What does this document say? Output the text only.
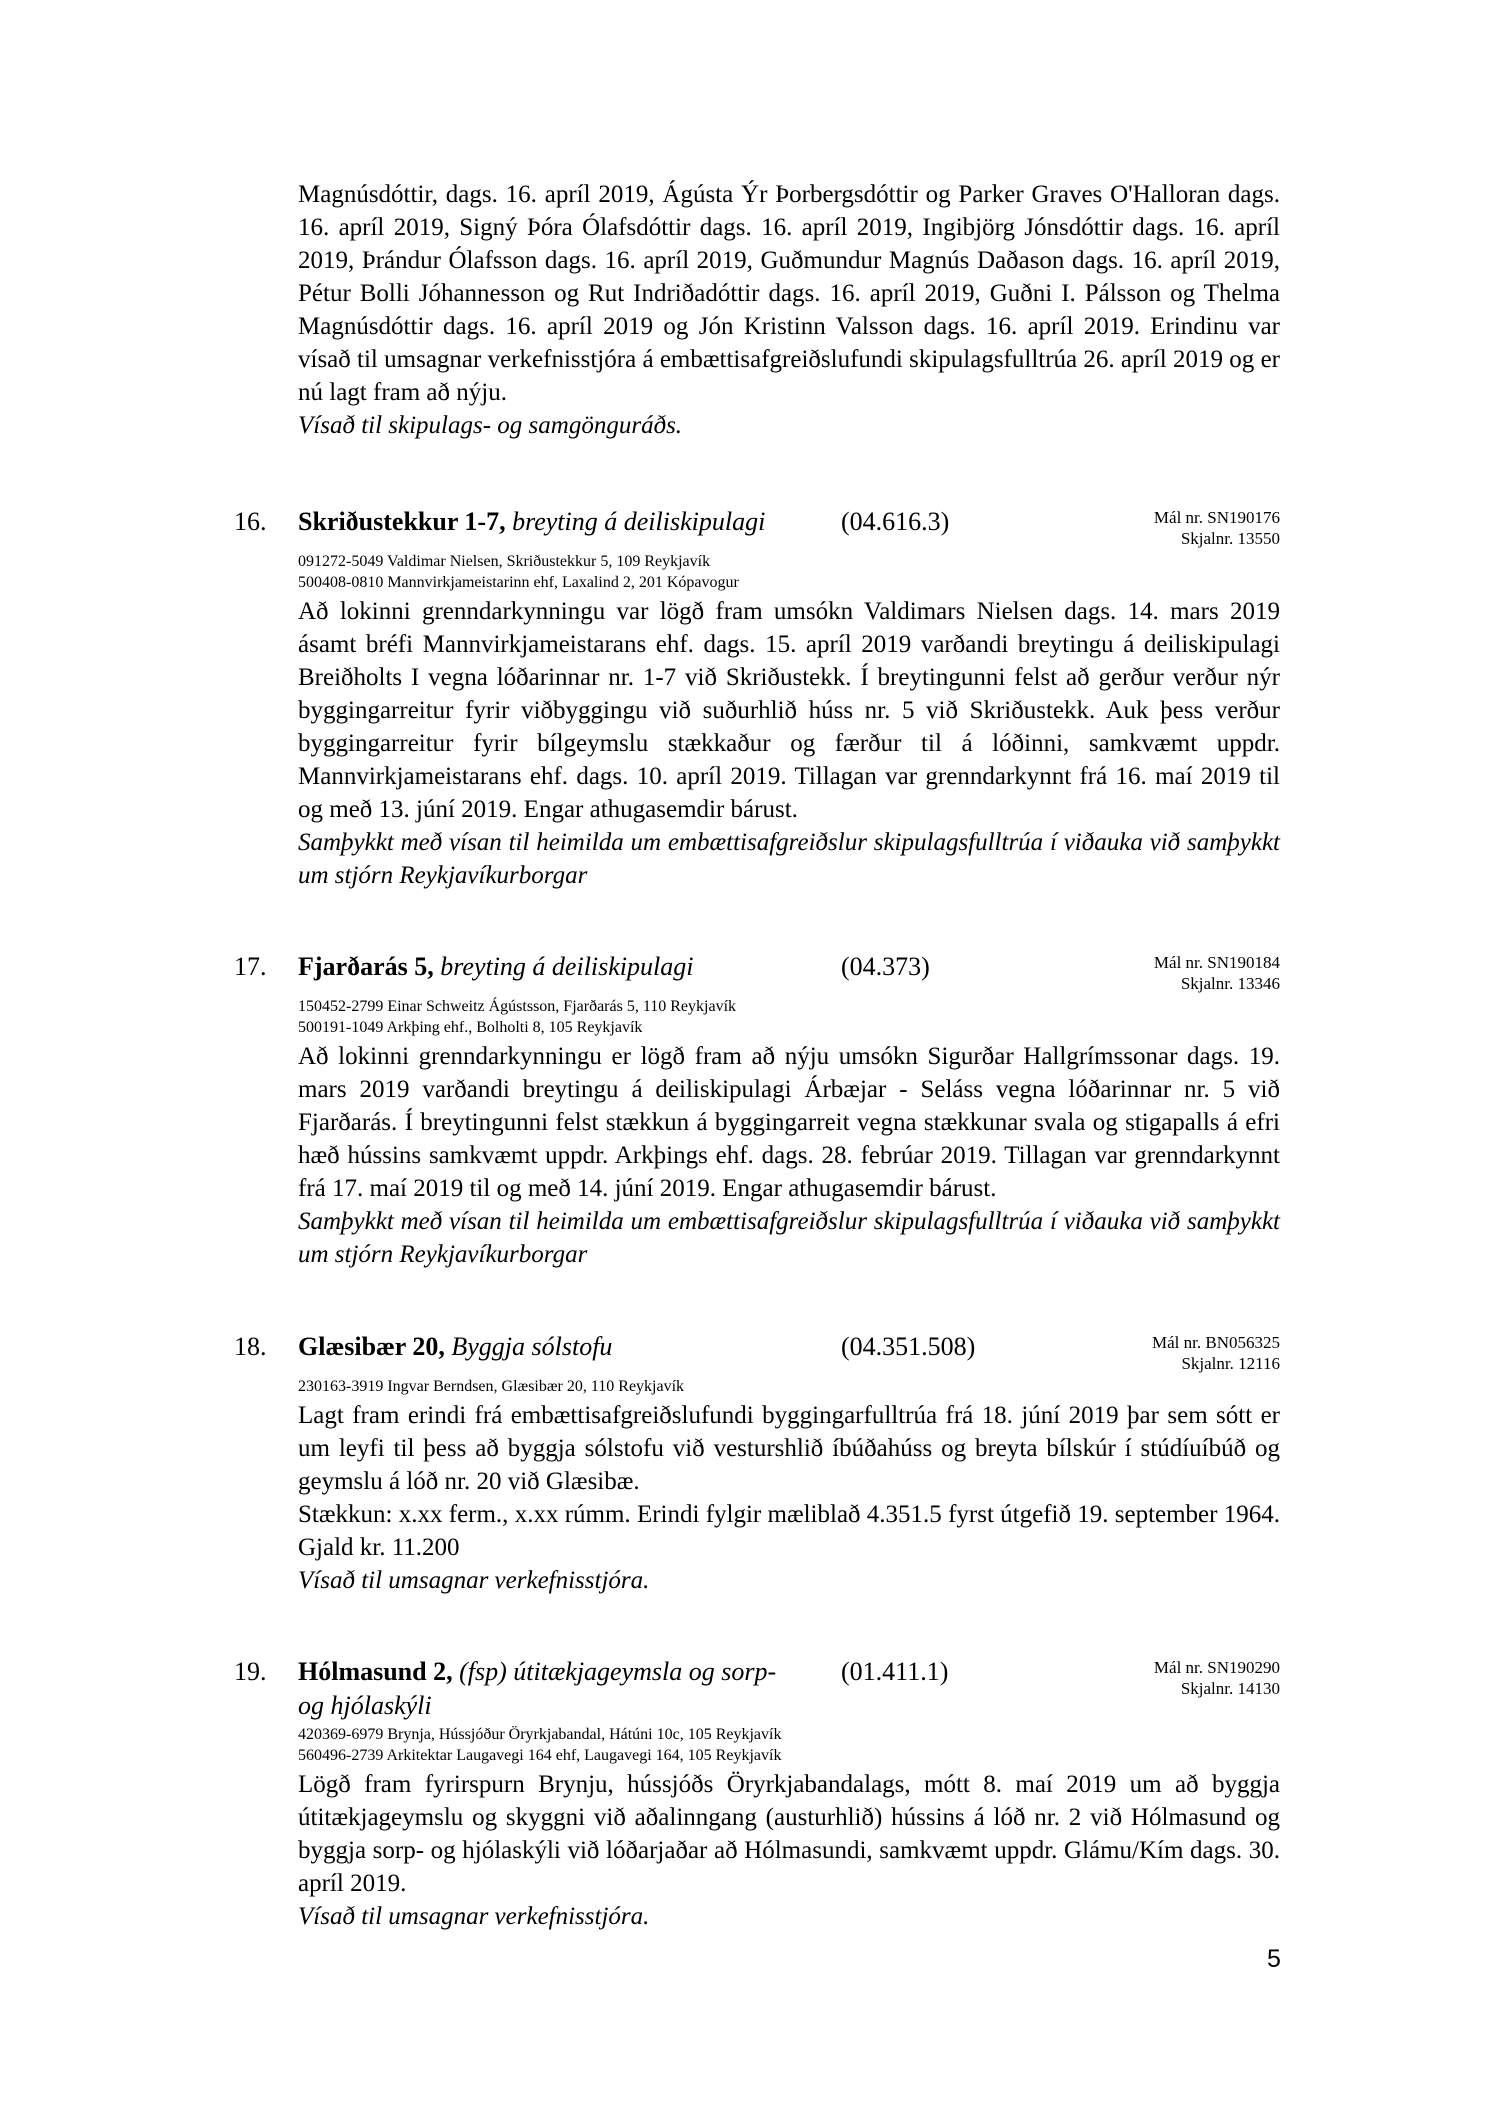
Magnúsdóttir, dags. 16. apríl 2019, Ágústa Ýr Þorbergsdóttir og Parker Graves O'Halloran dags. 16. apríl 2019, Signý Þóra Ólafsdóttir dags. 16. apríl 2019, Ingibjörg Jónsdóttir dags. 16. apríl 2019, Þrándur Ólafsson dags. 16. apríl 2019, Guðmundur Magnús Daðason dags. 16. apríl 2019, Pétur Bolli Jóhannesson og Rut Indriðadóttir dags. 16. apríl 2019, Guðni I. Pálsson og Thelma Magnúsdóttir dags. 16. apríl 2019 og Jón Kristinn Valsson dags. 16. apríl 2019. Erindinu var vísað til umsagnar verkefnisstjóra á embættisafgreiðslufundi skipulagsfulltrúa 26. apríl 2019 og er nú lagt fram að nýju.
Vísað til skipulags- og samgönguráðs.

16. Skriðustekkur 1-7, breyting á deiliskipulagi	(04.616.3)	Mál nr. SN190176
Skjalnr. 13550
091272-5049 Valdimar Nielsen, Skriðustekkur 5, 109 Reykjavík
500408-0810 Mannvirkjameistarinn ehf, Laxalind 2, 201 Kópavogur

Að lokinni grenndarkynningu var lögð fram umsókn Valdimars Nielsen dags. 14. mars 2019 ásamt bréfi Mannvirkjameistarans ehf. dags. 15. apríl 2019 varðandi breytingu á deiliskipulagi Breiðholts I vegna lóðarinnar nr. 1-7 við Skriðustekk. Í breytingunni felst að gerður verður nýr byggingarreitur fyrir viðbyggingu við suðurhlið húss nr. 5 við Skriðustekk. Auk þess verður byggingarreitur fyrir bílgeymslu stækkaður og færður til á lóðinni, samkvæmt uppdr. Mannvirkjameistarans ehf. dags. 10. apríl 2019. Tillagan var grenndarkynnt frá 16. maí 2019 til og með 13. júní 2019. Engar athugasemdir bárust.
Samþykkt með vísan til heimilda um embættisafgreiðslur skipulagsfulltrúa í viðauka við samþykkt um stjórn Reykjavíkurborgar

17. Fjarðarás 5, breyting á deiliskipulagi	(04.373)	Mál nr. SN190184
Skjalnr. 13346
150452-2799 Einar Schweitz Ágústsson, Fjarðarás 5, 110 Reykjavík
500191-1049 Arkþing ehf., Bolholti 8, 105 Reykjavík

Að lokinni grenndarkynningu er lögð fram að nýju umsókn Sigurðar Hallgrímssonar dags. 19. mars 2019 varðandi breytingu á deiliskipulagi Árbæjar - Seláss vegna lóðarinnar nr. 5 við Fjarðarás. Í breytingunni felst stækkun á byggingarreit vegna stækkunar svala og stigapalls á efri hæð hússins samkvæmt uppdr. Arkþings ehf. dags. 28. febrúar 2019. Tillagan var grenndarkynnt frá 17. maí 2019 til og með 14. júní 2019. Engar athugasemdir bárust.
Samþykkt með vísan til heimilda um embættisafgreiðslur skipulagsfulltrúa í viðauka við samþykkt um stjórn Reykjavíkurborgar

18. Glæsibær 20, Byggja sólstofu	(04.351.508)	Mál nr. BN056325
Skjalnr. 12116
230163-3919 Ingvar Berndsen, Glæsibær 20, 110 Reykjavík

Lagt fram erindi frá embættisafgreiðslufundi byggingarfulltrúa frá 18. júní 2019 þar sem sótt er um leyfi til þess að byggja sólstofu við vesturshlið íbúðahúss og breyta bílskúr í stúdíuíbúð og geymslu á lóð nr. 20 við Glæsibæ.
Stækkun: x.xx ferm., x.xx rúmm. Erindi fylgir mæliblað 4.351.5 fyrst útgefið 19. september 1964. Gjald kr. 11.200
Vísað til umsagnar verkefnisstjóra.

19. Hólmasund 2, (fsp) útitækjageymsla og sorp- og hjólaskýli
(01.411.1)	Mál nr. SN190290
Skjalnr. 14130
420369-6979 Brynja, Hússjóður Öryrkjabandal, Hátúni 10c, 105 Reykjavík
560496-2739 Arkitektar Laugavegi 164 ehf, Laugavegi 164, 105 Reykjavík

Lögð fram fyrirspurn Brynju, hússjóðs Öryrkjabandalags, mótt 8. maí 2019 um að byggja útitækjageymslu og skyggni við aðalinngang (austurhlið) hússins á lóð nr. 2 við Hólmasund og byggja sorp- og hjólaskýli við lóðarjaðar að Hólmasundi, samkvæmt uppdr. Glámu/Kím dags. 30. apríl 2019.
Vísað til umsagnar verkefnisstjóra.

5
